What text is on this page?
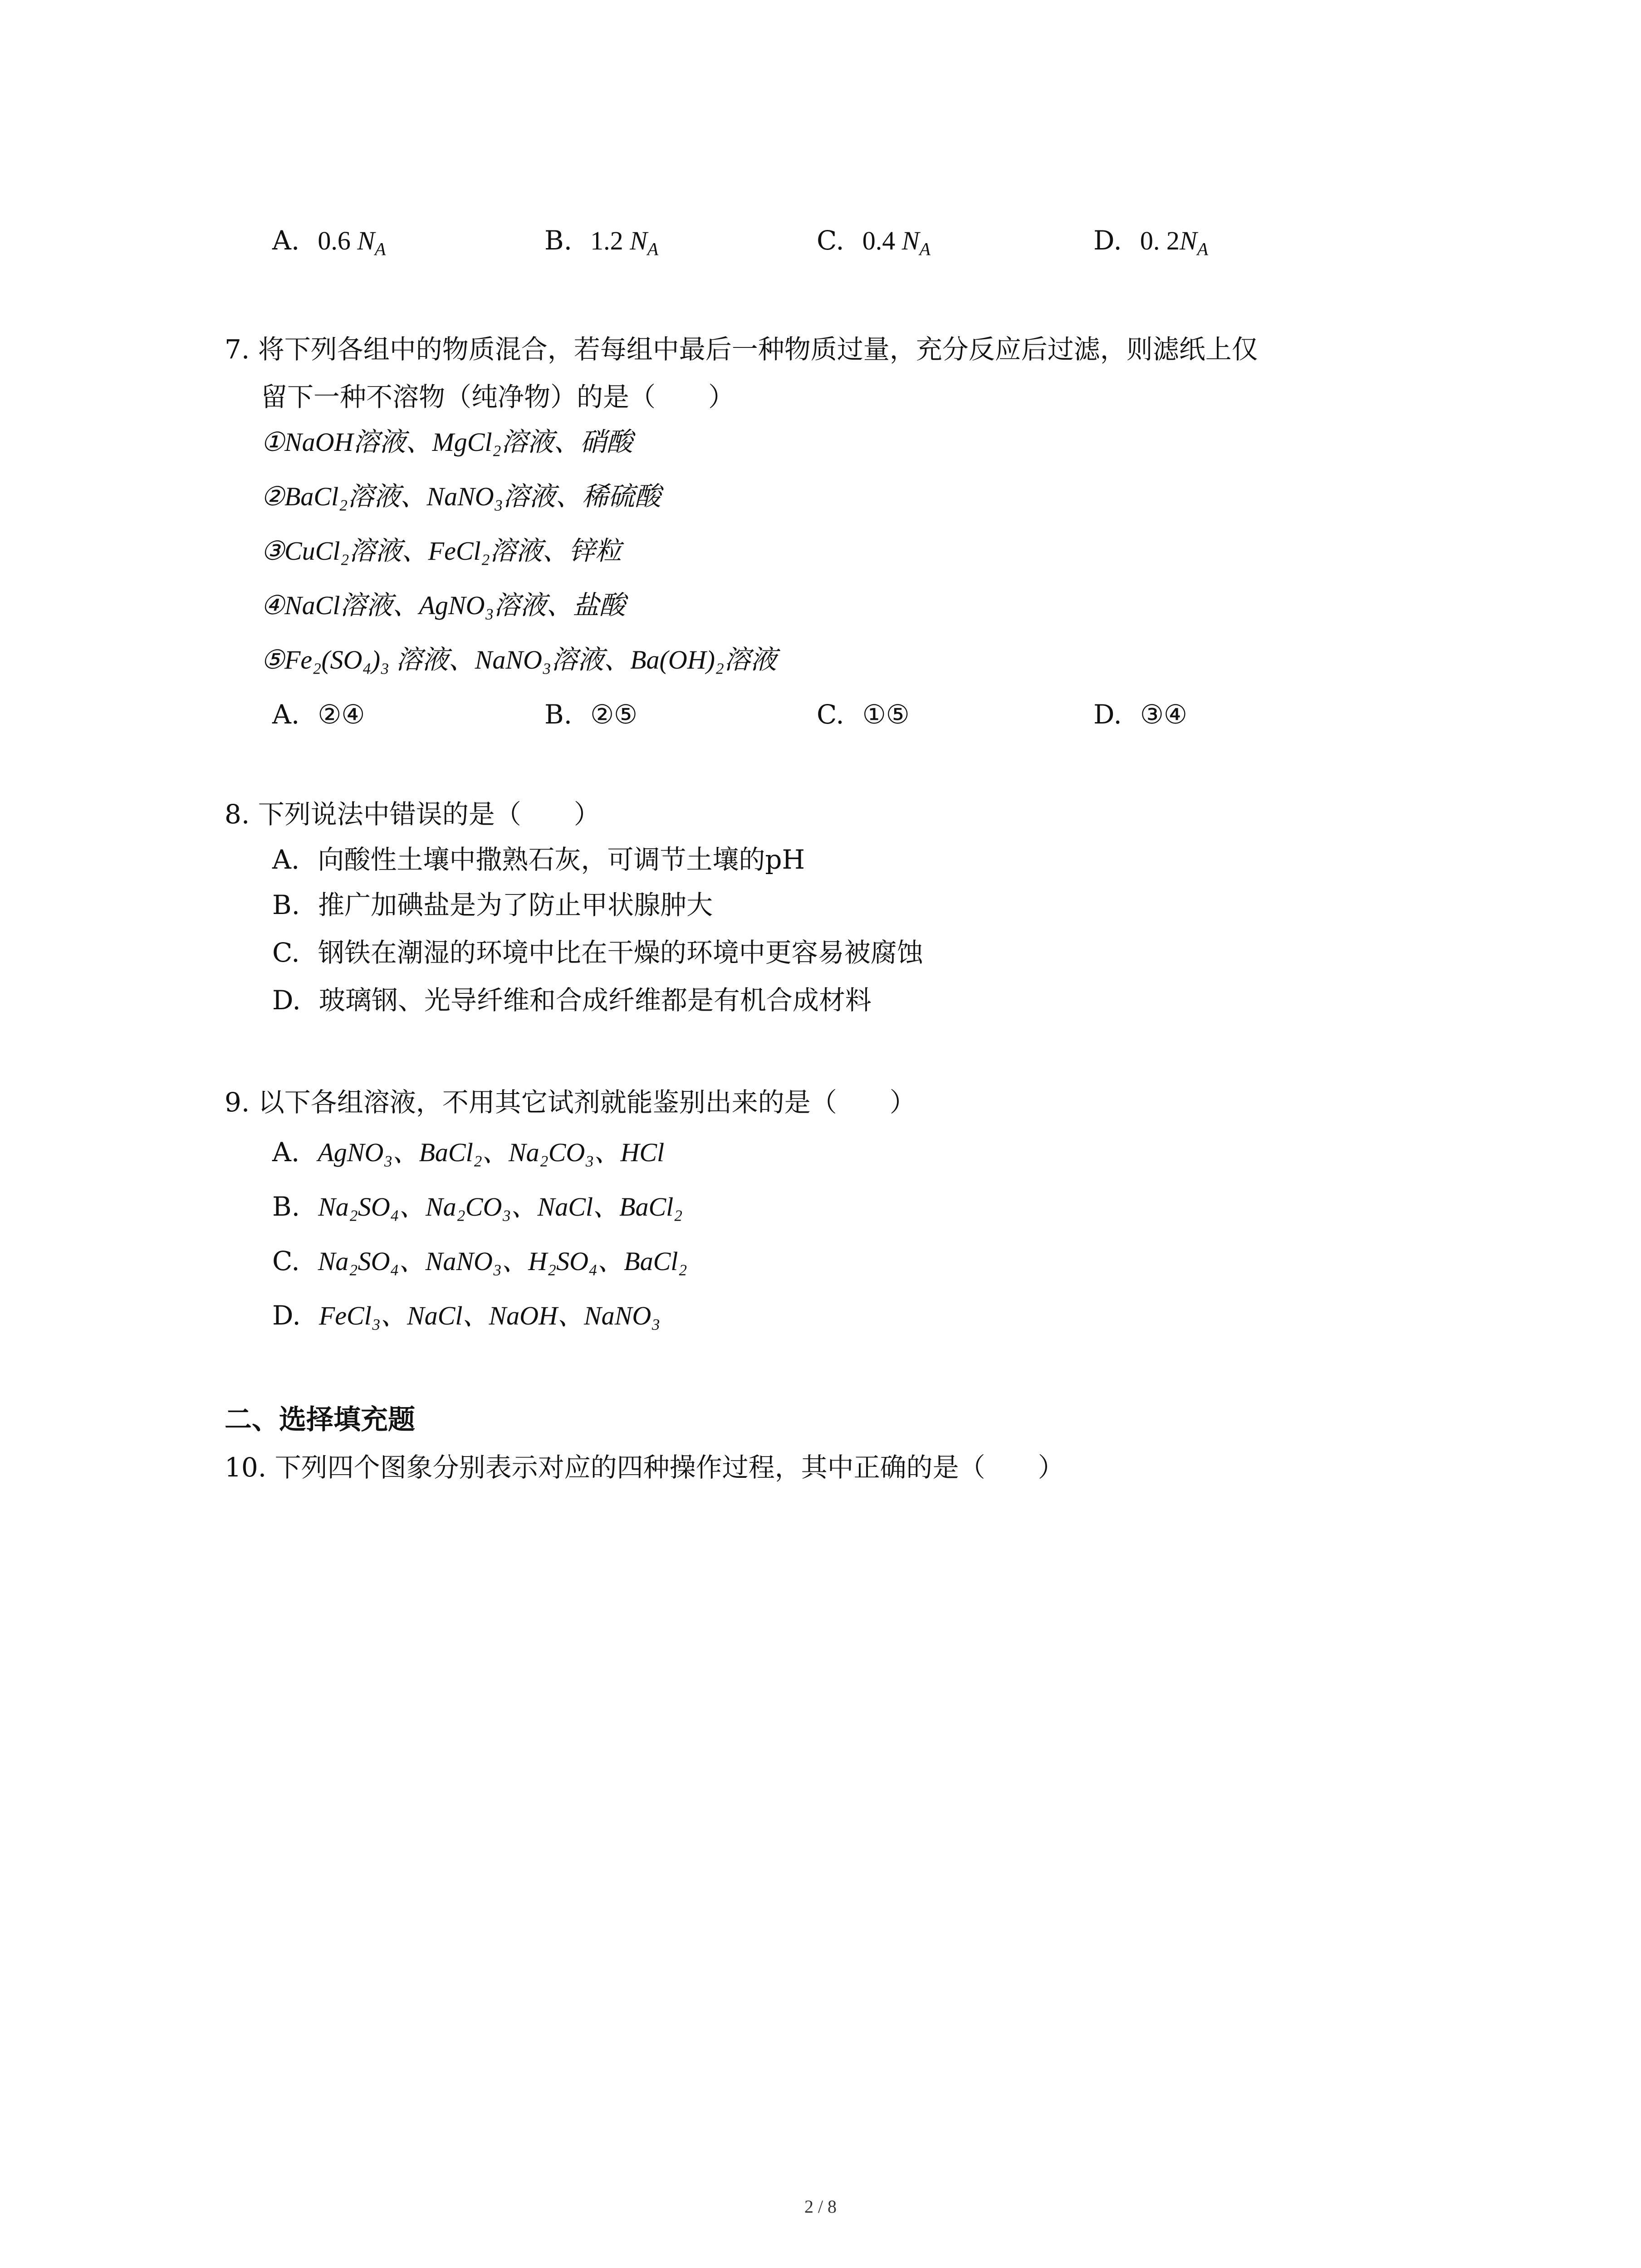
A. 0.6 $N_A$	B. 1.2 $N_A$	C. 0.4 $N_A$	D. 0. $2N_A$
7. 将下列各组中的物质混合，若每组中最后一种物质过量，充分反应后过滤，则滤纸上仅
留下一种不溶物（纯净物）的是（　　）
①NaOH溶液、MgCl₂溶液、硝酸
②BaCl₂溶液、NaNO₃溶液、稀硫酸
③CuCl₂溶液、FeCl₂溶液、锌粒
④NaCl溶液、AgNO₃溶液、盐酸
⑤Fe₂(SO₄)₃ 溶液、NaNO₃溶液、Ba(OH)₂溶液
A. ②④	B. ②⑤	C. ①⑤	D. ③④
8. 下列说法中错误的是（　　）
A. 向酸性土壤中撒熟石灰，可调节土壤的pH
B. 推广加碘盐是为了防止甲状腺肿大
C. 钢铁在潮湿的环境中比在干燥的环境中更容易被腐蚀
D. 玻璃钢、光导纤维和合成纤维都是有机合成材料
9. 以下各组溶液，不用其它试剂就能鉴别出来的是（　　）
A. AgNO₃、BaCl₂、Na₂CO₃、HCl
B. Na₂SO₄、Na₂CO₃、NaCl、BaCl₂
C. Na₂SO₄、NaNO₃、H₂SO₄、BaCl₂
D. FeCl₃、NaCl、NaOH、NaNO₃
二、选择填充题
10. 下列四个图象分别表示对应的四种操作过程，其中正确的是（　　）
2 / 8
